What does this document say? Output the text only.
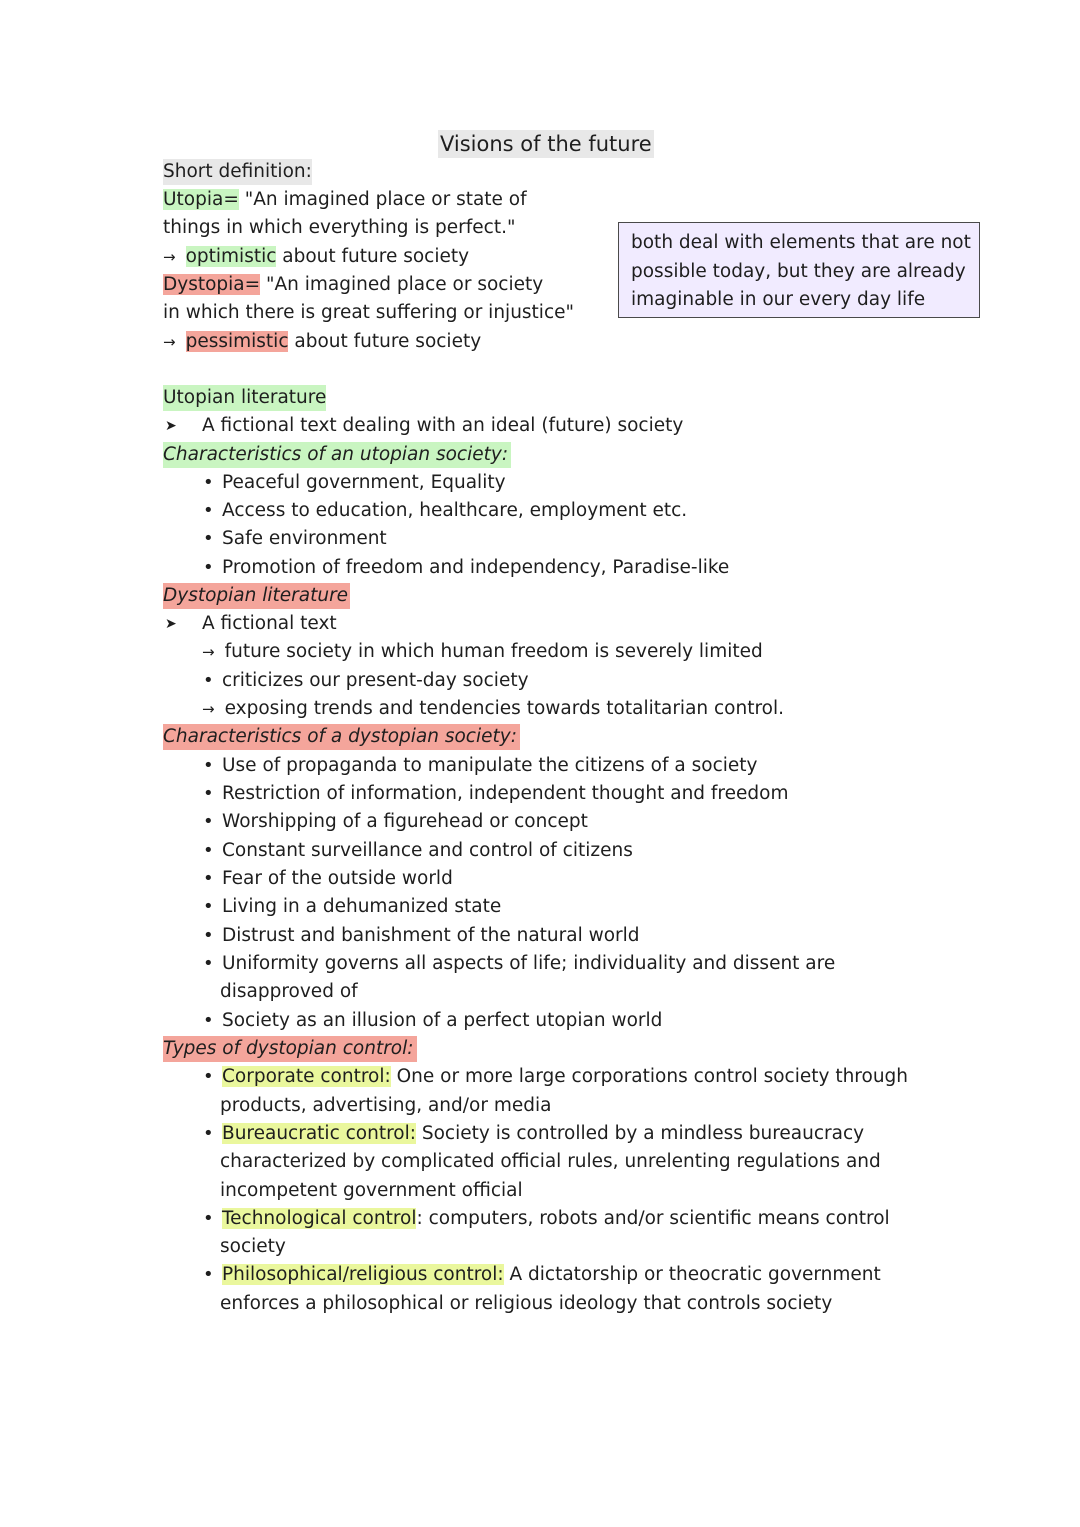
Visions of the future
Short definition:
Utopia= "An imagined place or state of
things in which everything is perfect."
→ optimistic about future society
Dystopia= "An imagined place or society
in which there is great suffering or injustice"
→ pessimistic about future society
both deal with elements that are not
possible today, but they are already
imaginable in our every day life
Utopian literature
➤ A fictional text dealing with an ideal (future) society
Characteristics of an utopian society:
• Peaceful government, Equality
• Access to education, healthcare, employment etc.
• Safe environment
• Promotion of freedom and independency, Paradise-like
Dystopian literature
➤ A fictional text
→ future society in which human freedom is severely limited
• criticizes our present-day society
→ exposing trends and tendencies towards totalitarian control.
Characteristics of a dystopian society:
• Use of propaganda to manipulate the citizens of a society
• Restriction of information, independent thought and freedom
• Worshipping of a figurehead or concept
• Constant surveillance and control of citizens
• Fear of the outside world
• Living in a dehumanized state
• Distrust and banishment of the natural world
• Uniformity governs all aspects of life; individuality and dissent are
disapproved of
• Society as an illusion of a perfect utopian world
Types of dystopian control:
• Corporate control: One or more large corporations control society through
products, advertising, and/or media
• Bureaucratic control: Society is controlled by a mindless bureaucracy
characterized by complicated official rules, unrelenting regulations and
incompetent government official
• Technological control: computers, robots and/or scientific means control
society
• Philosophical/religious control: A dictatorship or theocratic government
enforces a philosophical or religious ideology that controls society
